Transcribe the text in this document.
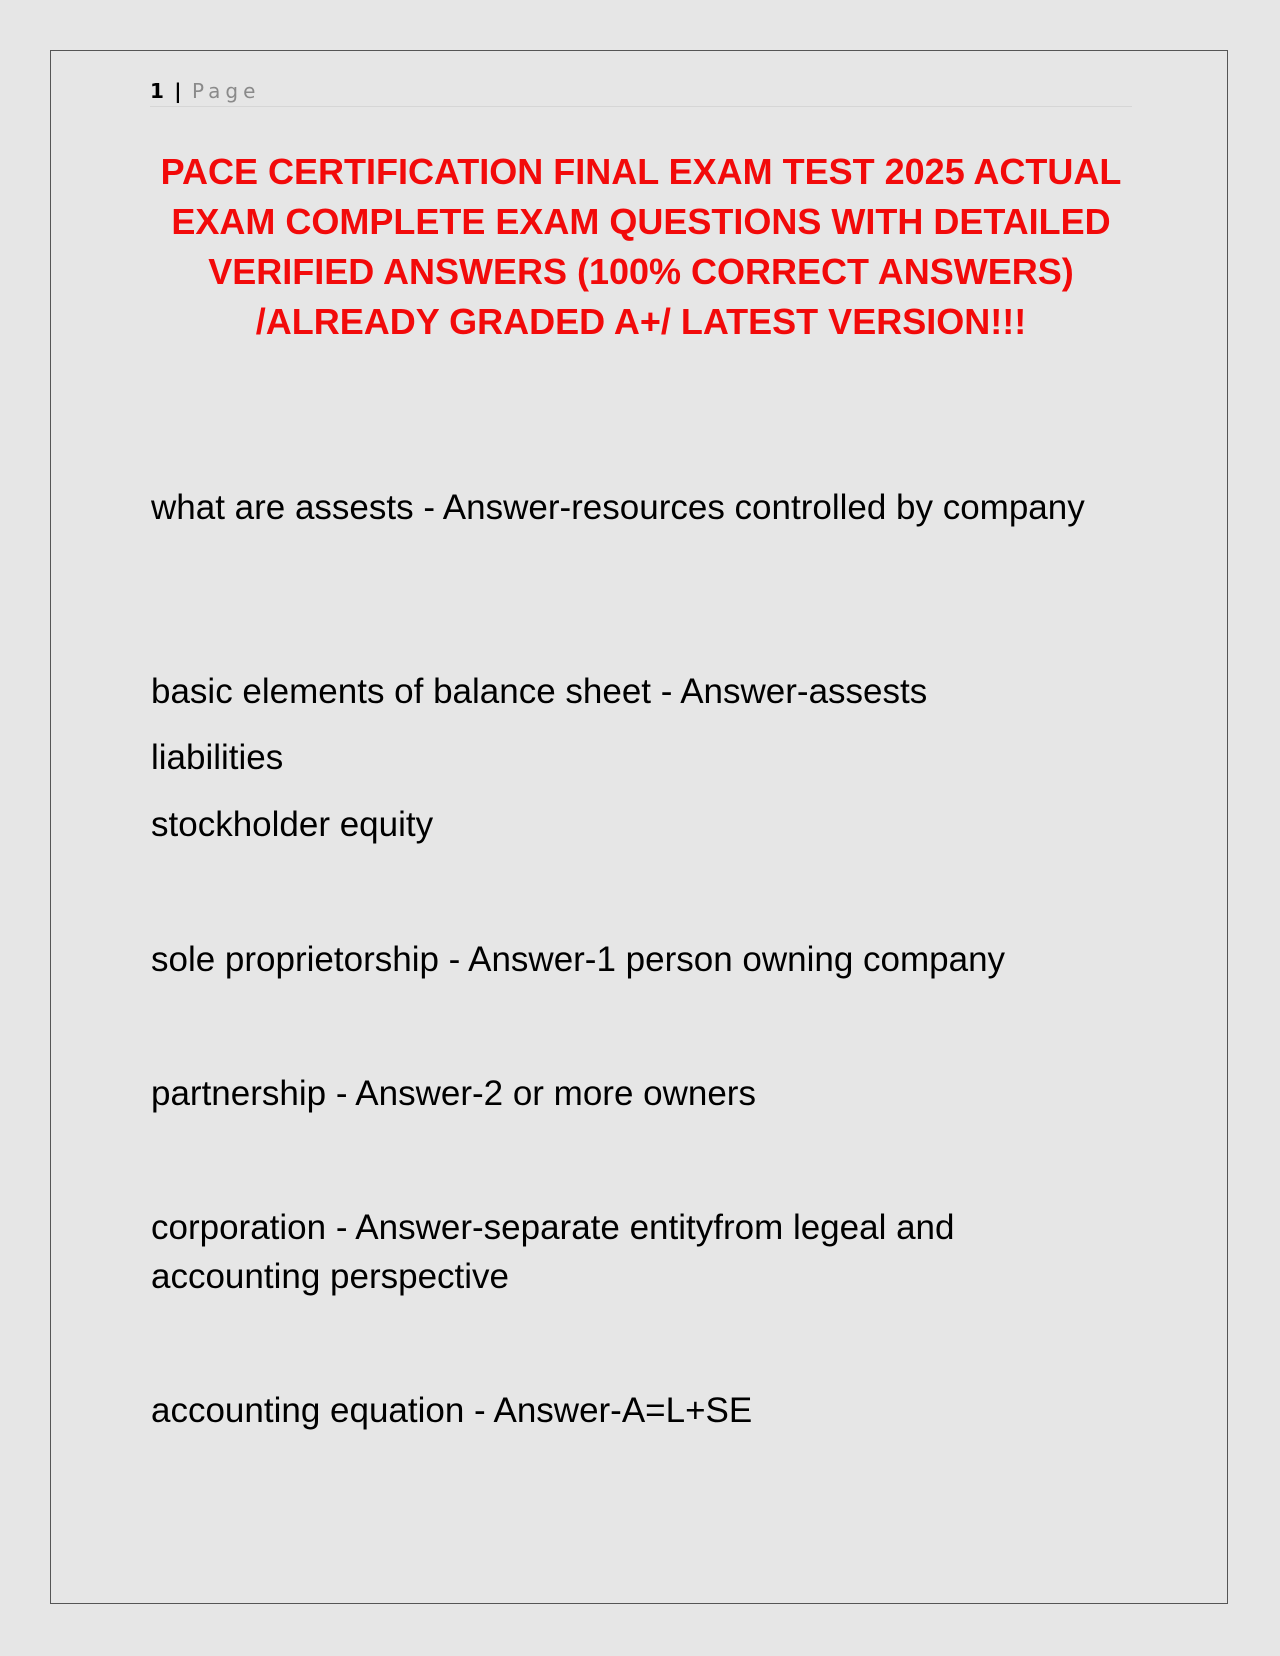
1 | Page
PACE CERTIFICATION FINAL EXAM TEST 2025 ACTUAL EXAM COMPLETE EXAM QUESTIONS WITH DETAILED VERIFIED ANSWERS (100% CORRECT ANSWERS) /ALREADY GRADED A+/ LATEST VERSION!!!

what are assests - Answer-resources controlled by company

basic elements of balance sheet - Answer-assests
liabilities
stockholder equity

sole proprietorship - Answer-1 person owning company

partnership - Answer-2 or more owners

corporation - Answer-separate entityfrom legeal and accounting perspective

accounting equation - Answer-A=L+SE
